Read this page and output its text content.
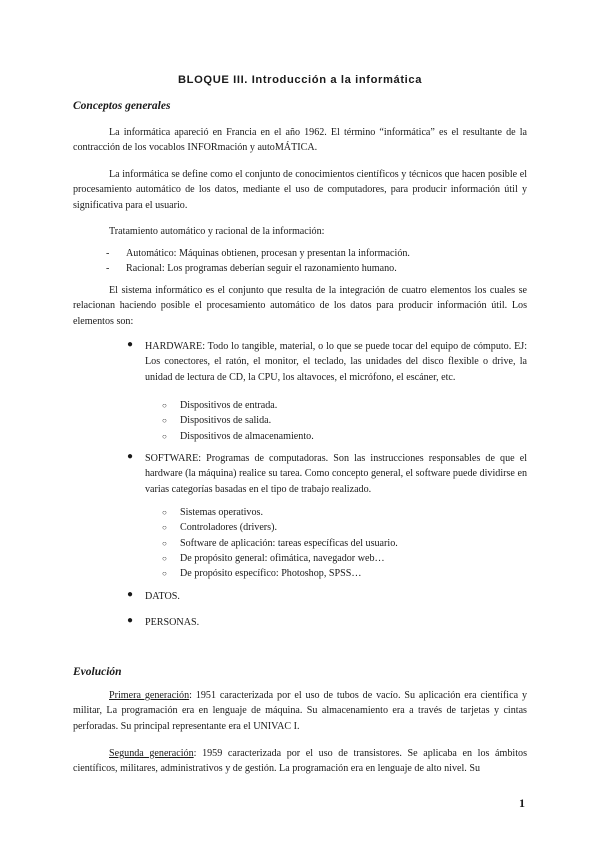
BLOQUE III. Introducción a la informática
Conceptos generales

La informática apareció en Francia en el año 1962. El término “informática” es el resultante de la contracción de los vocablos INFORmación y autoMÁTICA.

La informática se define como el conjunto de conocimientos científicos y técnicos que hacen posible el procesamiento automático de los datos, mediante el uso de computadores, para producir información útil y significativa para el usuario.

Tratamiento automático y racional de la información:

- Automático: Máquinas obtienen, procesan y presentan la información.
- Racional: Los programas deberían seguir el razonamiento humano.

El sistema informático es el conjunto que resulta de la integración de cuatro elementos los cuales se relacionan haciendo posible el procesamiento automático de los datos para producir información útil. Los elementos son:

● HARDWARE: Todo lo tangible, material, o lo que se puede tocar del equipo de cómputo. EJ: Los conectores, el ratón, el monitor, el teclado, las unidades del disco flexible o drive, la unidad de lectura de CD, la CPU, los altavoces, el micrófono, el escáner, etc.

○ Dispositivos de entrada.
○ Dispositivos de salida.
○ Dispositivos de almacenamiento.
● SOFTWARE: Programas de computadoras. Son las instrucciones responsables de que el hardware (la máquina) realice su tarea. Como concepto general, el software puede dividirse en varias categorías basadas en el tipo de trabajo realizado.

○ Sistemas operativos.
○ Controladores (drivers).
○ Software de aplicación: tareas específicas del usuario.
○ De propósito general: ofimática, navegador web…
○ De propósito específico: Photoshop, SPSS…
● DATOS.

● PERSONAS.

Evolución

Primera generación: 1951 caracterizada por el uso de tubos de vacío. Su aplicación era científica y militar, La programación era en lenguaje de máquina. Su almacenamiento era a través de tarjetas y cintas perforadas. Su principal representante era el UNIVAC I.

Segunda generación: 1959 caracterizada por el uso de transistores. Se aplicaba en los ámbitos científicos, militares, administrativos y de gestión. La programación era en lenguaje de alto nivel. Su

1
